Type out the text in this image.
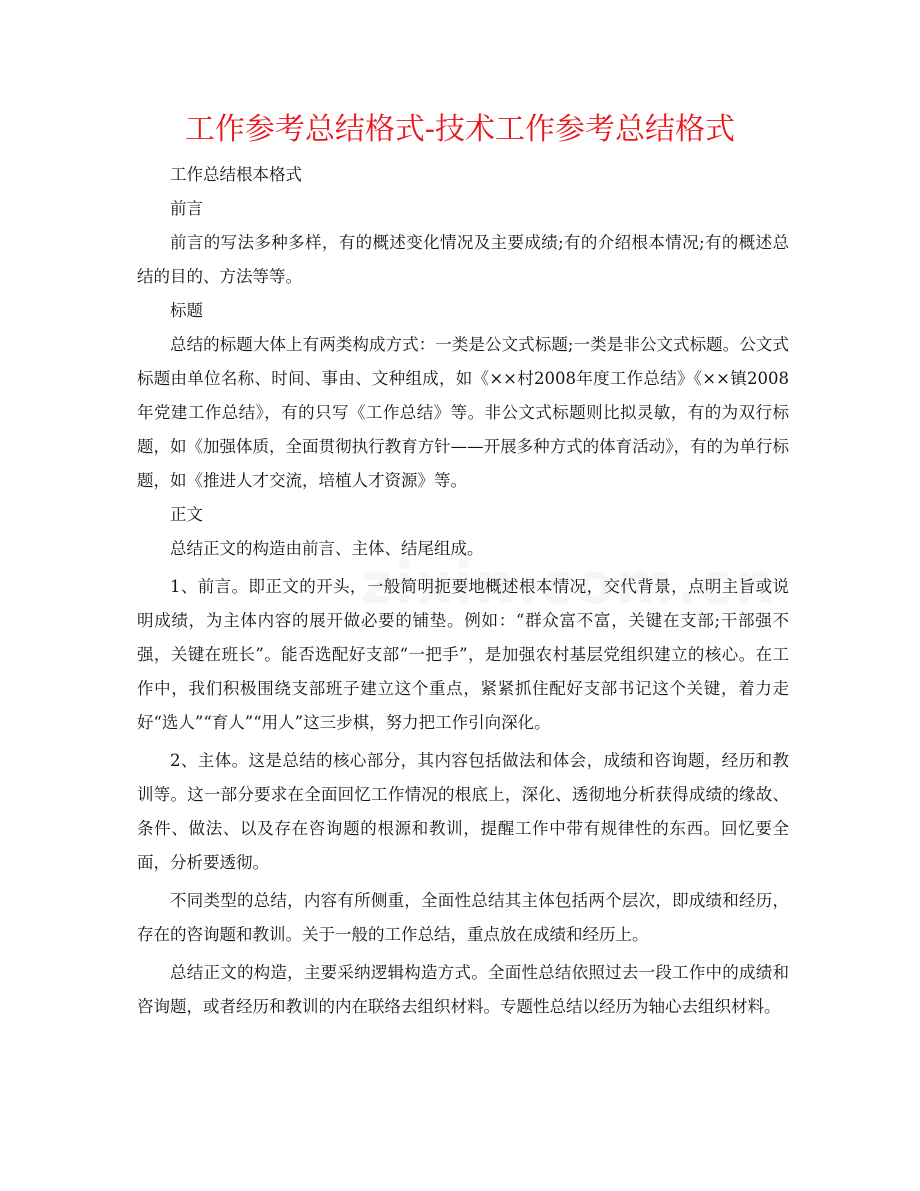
工作参考总结格式-技术工作参考总结格式

工作总结根本格式

前言

前言的写法多种多样，有的概述变化情况及主要成绩;有的介绍根本情况;有的概述总结的目的、方法等等。

标题

总结的标题大体上有两类构成方式：一类是公文式标题;一类是非公文式标题。公文式标题由单位名称、时间、事由、文种组成，如《××村2008年度工作总结》《××镇2008年党建工作总结》，有的只写《工作总结》等。非公文式标题则比拟灵敏，有的为双行标题，如《加强体质，全面贯彻执行教育方针——开展多种方式的体育活动》，有的为单行标题，如《推进人才交流，培植人才资源》等。

正文

总结正文的构造由前言、主体、结尾组成。

1、前言。即正文的开头，一般简明扼要地概述根本情况，交代背景，点明主旨或说明成绩，为主体内容的展开做必要的铺垫。例如：“群众富不富，关键在支部;干部强不强，关键在班长”。能否选配好支部“一把手”，是加强农村基层党组织建立的核心。在工作中，我们积极围绕支部班子建立这个重点，紧紧抓住配好支部书记这个关键，着力走好“选人”“育人”“用人”这三步棋，努力把工作引向深化。

2、主体。这是总结的核心部分，其内容包括做法和体会，成绩和咨询题，经历和教训等。这一部分要求在全面回忆工作情况的根底上，深化、透彻地分析获得成绩的缘故、条件、做法、以及存在咨询题的根源和教训，提醒工作中带有规律性的东西。回忆要全面，分析要透彻。

不同类型的总结，内容有所侧重，全面性总结其主体包括两个层次，即成绩和经历，存在的咨询题和教训。关于一般的工作总结，重点放在成绩和经历上。

总结正文的构造，主要采纳逻辑构造方式。全面性总结依照过去一段工作中的成绩和咨询题，或者经历和教训的内在联络去组织材料。专题性总结以经历为轴心去组织材料。
